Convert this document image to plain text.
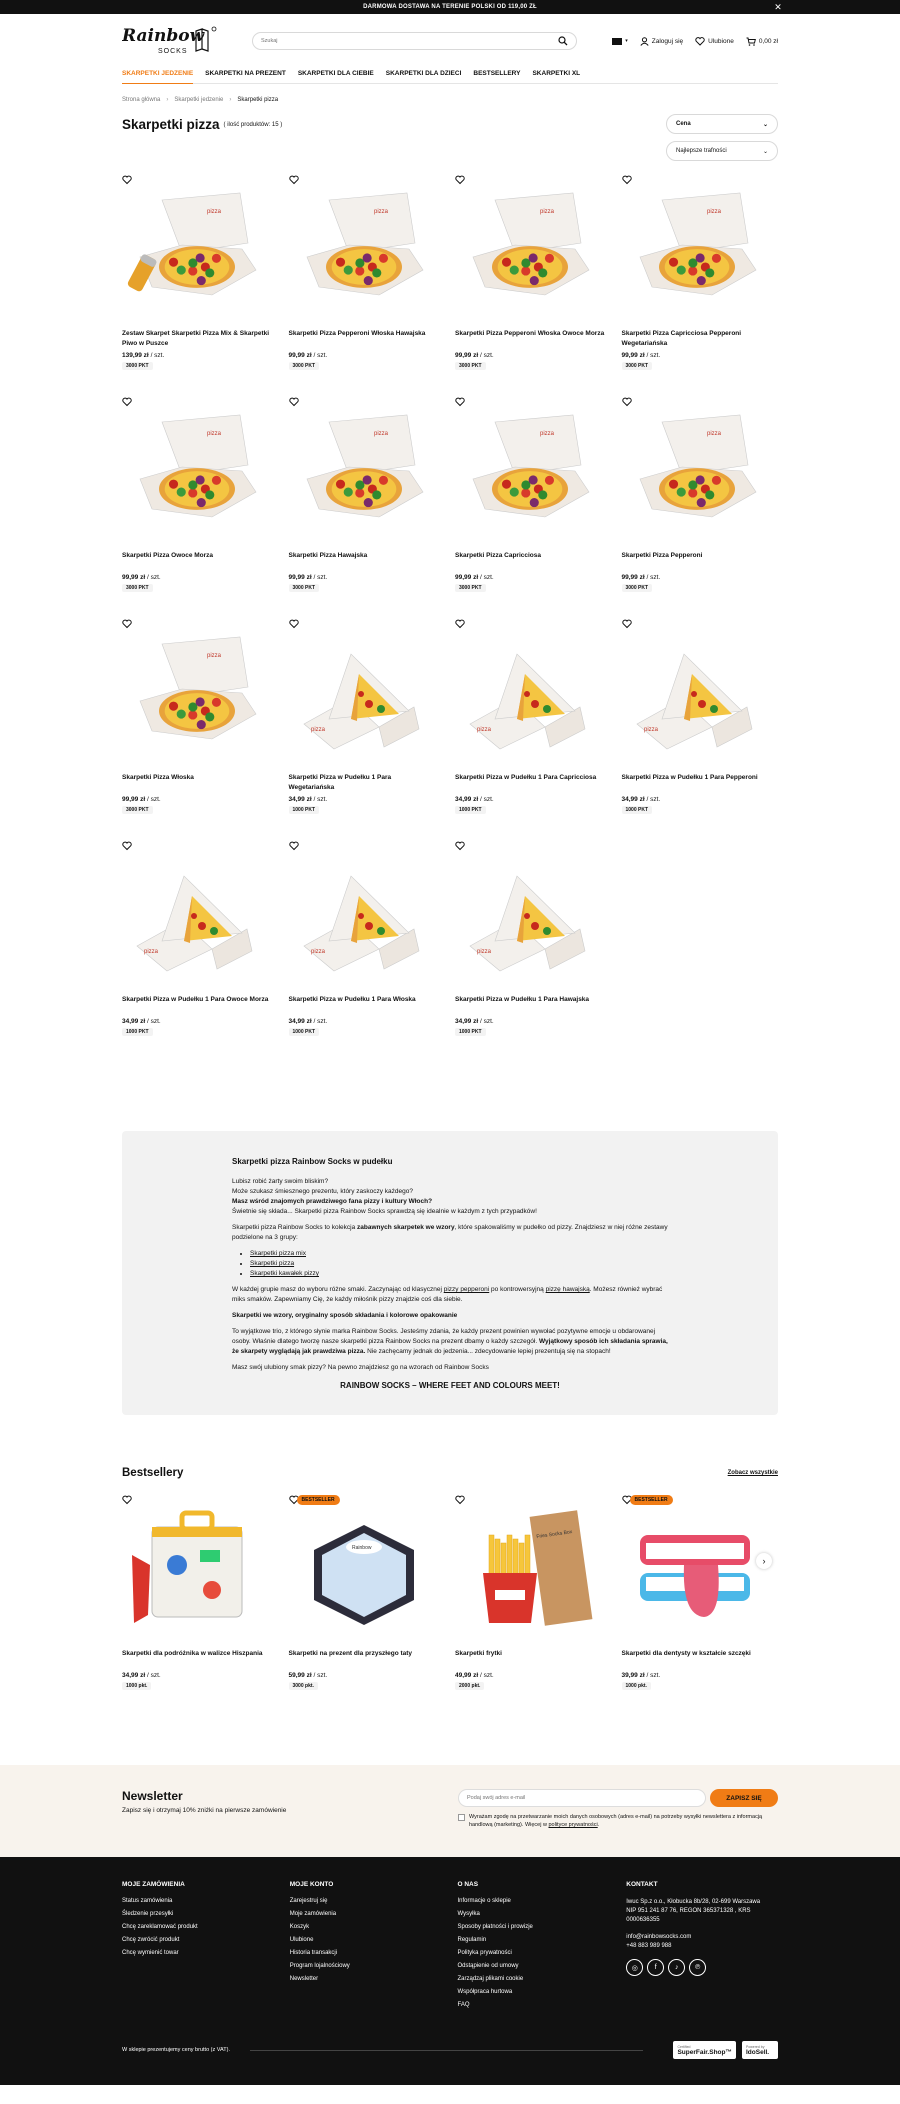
DARMOWA DOSTAWA NA TERENIE POLSKI OD 119,00 ZŁ	✕
Rainbow
SOCKS
Szukaj
▾	Zaloguj się	Ulubione	0,00 zł
SKARPETKI JEDZENIE SKARPETKI NA PREZENT SKARPETKI DLA CIEBIE SKARPETKI DLA DZIECI BESTSELLERY SKARPETKI XL
Strona główna › Skarpetki jedzenie › Skarpetki pizza
Skarpetki pizza ( ilość produktów: 15 )	Cena	⌄
Najlepsze trafności	⌄
pizza
Zestaw Skarpet Skarpetki Pizza Mix & Skarpetki Piwo w Puszce
139,99 zł / szt.
3000 PKT
pizza
Skarpetki Pizza Pepperoni Włoska Hawajska
99,99 zł / szt.
3000 PKT
pizza
Skarpetki Pizza Pepperoni Włoska Owoce Morza
99,99 zł / szt.
3000 PKT
pizza
Skarpetki Pizza Capricciosa Pepperoni Wegetariańska
99,99 zł / szt.
3000 PKT
pizza
Skarpetki Pizza Owoce Morza
99,99 zł / szt.
3000 PKT
pizza
Skarpetki Pizza Hawajska
99,99 zł / szt.
3000 PKT
pizza
Skarpetki Pizza Capricciosa
99,99 zł / szt.
3000 PKT
pizza
Skarpetki Pizza Pepperoni
99,99 zł / szt.
3000 PKT
pizza
Skarpetki Pizza Włoska
99,99 zł / szt.
3000 PKT
pizza
Skarpetki Pizza w Pudełku 1 Para Wegetariańska
34,99 zł / szt.
1000 PKT
pizza
Skarpetki Pizza w Pudełku 1 Para Capricciosa
34,99 zł / szt.
1000 PKT
pizza
Skarpetki Pizza w Pudełku 1 Para Pepperoni
34,99 zł / szt.
1000 PKT
pizza
Skarpetki Pizza w Pudełku 1 Para Owoce Morza
34,99 zł / szt.
1000 PKT
pizza
Skarpetki Pizza w Pudełku 1 Para Włoska
34,99 zł / szt.
1000 PKT
pizza
Skarpetki Pizza w Pudełku 1 Para Hawajska
34,99 zł / szt.
1000 PKT
Skarpetki pizza Rainbow Socks w pudełku

Lubisz robić żarty swoim bliskim?
Może szukasz śmiesznego prezentu, który zaskoczy każdego?
Masz wśród znajomych prawdziwego fana pizzy i kultury Włoch?
Świetnie się składa... Skarpetki pizza Rainbow Socks sprawdzą się idealnie w każdym z tych przypadków!

Skarpetki pizza Rainbow Socks to kolekcja zabawnych skarpetek we wzory, które spakowaliśmy w pudełko od pizzy. Znajdziesz w niej różne zestawy podzielone na 3 grupy:

• Skarpetki pizza mix
• Skarpetki pizza
• Skarpetki kawałek pizzy

W każdej grupie masz do wyboru różne smaki. Zaczynając od klasycznej pizzy pepperoni po kontrowersyjną pizzę hawajską. Możesz również wybrać miks smaków. Zapewniamy Cię, że każdy miłośnik pizzy znajdzie coś dla siebie.

Skarpetki we wzory, oryginalny sposób składania i kolorowe opakowanie

To wyjątkowe trio, z którego słynie marka Rainbow Socks. Jesteśmy zdania, że każdy prezent powinien wywołać pozytywne emocje u obdarowanej osoby. Właśnie dlatego tworzę nasze skarpetki pizza Rainbow Socks na prezent dbamy o każdy szczegół. Wyjątkowy sposób ich składania sprawia, że skarpety wyglądają jak prawdziwa pizza. Nie zachęcamy jednak do jedzenia... zdecydowanie lepiej prezentują się na stopach!

Masz swój ulubiony smak pizzy? Na pewno znajdziesz go na wzorach od Rainbow Socks

RAINBOW SOCKS – WHERE FEET AND COLOURS MEET!
Bestsellery	Zobacz wszystkie
Skarpetki dla podróżnika w walizce Hiszpania
34,99 zł / szt.
1000 pkt.
Rainbow
BESTSELLER
Skarpetki na prezent dla przyszłego taty
59,99 zł / szt.
3000 pkt.
Fries Socks Box
Skarpetki frytki
49,99 zł / szt.
2000 pkt.
BESTSELLER
Skarpetki dla dentysty w kształcie szczęki
39,99 zł / szt.
1000 pkt.
›
Newsletter
Zapisz się i otrzymaj 10% zniżki na pierwsze zamówienie
Podaj swój adres e-mail
ZAPISZ SIĘ
Wyrażam zgodę na przetwarzanie moich danych osobowych (adres e-mail) na potrzeby wysyłki newslettera z informacją handlową (marketing). Więcej w polityce prywatności.
MOJE ZAMÓWIENIA
Status zamówienia
Śledzenie przesyłki
Chcę zareklamować produkt
Chcę zwrócić produkt
Chcę wymienić towar
MOJE KONTO
Zarejestruj się
Moje zamówienia
Koszyk
Ulubione
Historia transakcji
Program lojalnościowy
Newsletter
O NAS
Informacje o sklepie
Wysyłka
Sposoby płatności i prowizje
Regulamin
Polityka prywatności
Odstąpienie od umowy
Zarządzaj plikami cookie
Współpraca hurtowa
FAQ
KONTAKT
Iwuc Sp.z o.o., Kłobucka 8b/28, 02-699 Warszawa
NIP 951 241 87 76, REGON 365371328 , KRS 0000636355
info@rainbowsocks.com
+48 883 989 988
◎	f	♪	℗
W sklepie prezentujemy ceny brutto (z VAT).
Certified
SuperFair.Shop™
Powered by
IdoSell.
